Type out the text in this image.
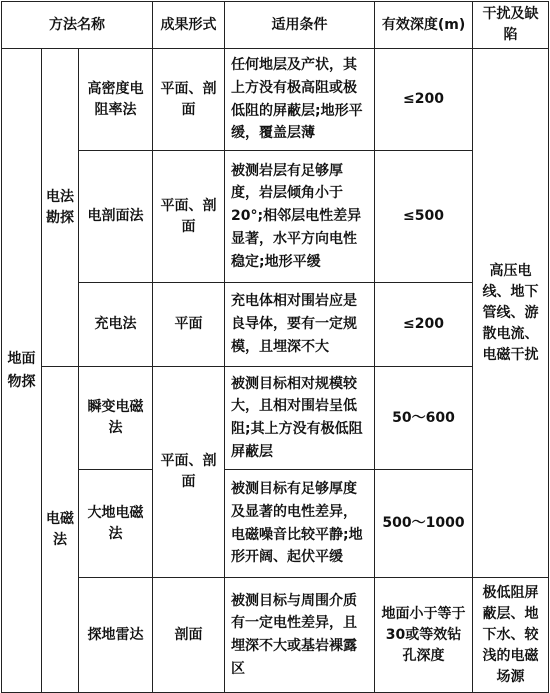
方法名称			成果形式	适用条件	有效深度(m)	干扰及缺陷
地面物探	电法勘探	高密度电阻率法	平面、剖面	任何地层及产状，其上方没有极高阻或极低阻的屏蔽层;地形平缓，覆盖层薄	≤200	高压电线、地下管线、游散电流、电磁干扰
		电剖面法	平面、剖面	被测岩层有足够厚度，岩层倾角小于20°;相邻层电性差异显著，水平方向电性稳定;地形平缓	≤500	
		充电法	平面	充电体相对围岩应是良导体，要有一定规模，且埋深不大	≤200	
	电磁法	瞬变电磁法	平面、剖面	被测目标相对规模较大，且相对围岩呈低阻;其上方没有极低阻屏蔽层	50～600	
		大地电磁法		被测目标有足够厚度及显著的电性差异，电磁噪音比较平静;地形开阔、起伏平缓	500～1000	
		探地雷达	剖面	被测目标与周围介质有一定电性差异，且埋深不大或基岩裸露区	地面小于等于30或等效钻孔深度	极低阻屏蔽层、地下水、较浅的电磁场源
